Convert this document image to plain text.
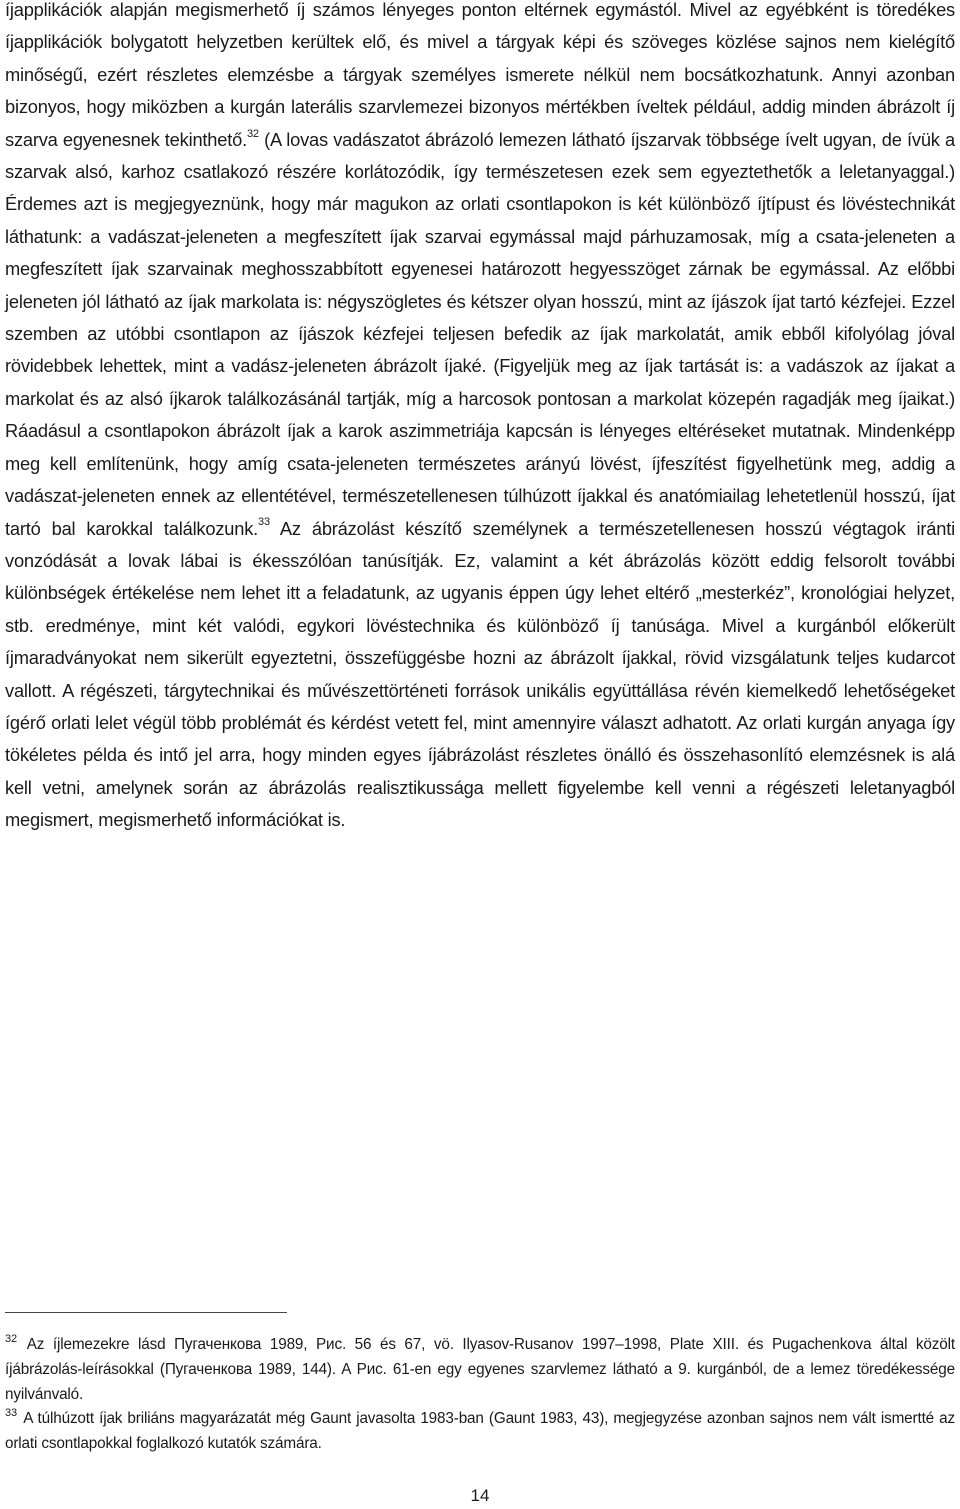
íjapplikációk alapján megismerhető íj számos lényeges ponton eltérnek egymástól. Mivel az egyébként is töredékes íjapplikációk bolygatott helyzetben kerültek elő, és mivel a tárgyak képi és szöveges közlése sajnos nem kielégítő minőségű, ezért részletes elemzésbe a tárgyak személyes ismerete nélkül nem bocsátkozhatunk. Annyi azonban bizonyos, hogy miközben a kurgán laterális szarvlemezei bizonyos mértékben íveltek például, addig minden ábrázolt íj szarva egyenesnek tekinthető.$^{32}$ (A lovas vadászatot ábrázoló lemezen látható íjszarvak többsége ívelt ugyan, de ívük a szarvak alsó, karhoz csatlakozó részére korlátozódik, így természetesen ezek sem egyeztethetők a leletanyaggal.) Érdemes azt is megjegyeznünk, hogy már magukon az orlati csontlapokon is két különböző íjtípust és lövéstechnikát láthatunk: a vadászat-jeleneten a megfeszített íjak szarvai egymással majd párhuzamosak, míg a csata-jeleneten a megfeszített íjak szarvainak meghosszabbított egyenesei határozott hegyesszöget zárnak be egymással. Az előbbi jeleneten jól látható az íjak markolata is: négyszögletes és kétszer olyan hosszú, mint az íjászok íjat tartó kézfejei. Ezzel szemben az utóbbi csontlapon az íjászok kézfejei teljesen befedik az íjak markolatát, amik ebből kifolyólag jóval rövidebbek lehettek, mint a vadász-jeleneten ábrázolt íjaké. (Figyeljük meg az íjak tartását is: a vadászok az íjakat a markolat és az alsó íjkarok találkozásánál tartják, míg a harcosok pontosan a markolat közepén ragadják meg íjaikat.) Ráadásul a csontlapokon ábrázolt íjak a karok aszimmetriája kapcsán is lényeges eltéréseket mutatnak. Mindenképp meg kell említenünk, hogy amíg csata-jeleneten természetes arányú lövést, íjfeszítést figyelhetünk meg, addig a vadászat-jeleneten ennek az ellentétével, természetellenesen túlhúzott íjakkal és anatómiailag lehetetlenül hosszú, íjat tartó bal karokkal találkozunk.$^{33}$ Az ábrázolást készítő személynek a természetellenesen hosszú végtagok iránti vonzódását a lovak lábai is ékesszólóan tanúsítják. Ez, valamint a két ábrázolás között eddig felsorolt további különbségek értékelése nem lehet itt a feladatunk, az ugyanis éppen úgy lehet eltérő „mesterkéz”, kronológiai helyzet, stb. eredménye, mint két valódi, egykori lövéstechnika és különböző íj tanúsága. Mivel a kurgánból előkerült íjmaradványokat nem sikerült egyeztetni, összefüggésbe hozni az ábrázolt íjakkal, rövid vizsgálatunk teljes kudarcot vallott. A régészeti, tárgytechnikai és művészettörténeti források unikális együttállása révén kiemelkedő lehetőségeket ígérő orlati lelet végül több problémát és kérdést vetett fel, mint amennyire választ adhatott. Az orlati kurgán anyaga így tökéletes példa és intő jel arra, hogy minden egyes íjábrázolást részletes önálló és összehasonlító elemzésnek is alá kell vetni, amelynek során az ábrázolás realisztikussága mellett figyelembe kell venni a régészeti leletanyagból megismert, megismerhető információkat is.

$^{32}$ Az íjlemezekre lásd Пугаченкова 1989, Рис. 56 és 67, vö. Ilyasov-Rusanov 1997–1998, Plate XIII. és Pugachenkova által közölt íjábrázolás-leírásokkal (Пугаченкова 1989, 144). A Рис. 61-en egy egyenes szarvlemez látható a 9. kurgánból, de a lemez töredékessége nyilvánvaló.

$^{33}$ A túlhúzott íjak briliáns magyarázatát még Gaunt javasolta 1983-ban (Gaunt 1983, 43), megjegyzése azonban sajnos nem vált ismertté az orlati csontlapokkal foglalkozó kutatók számára.

14
